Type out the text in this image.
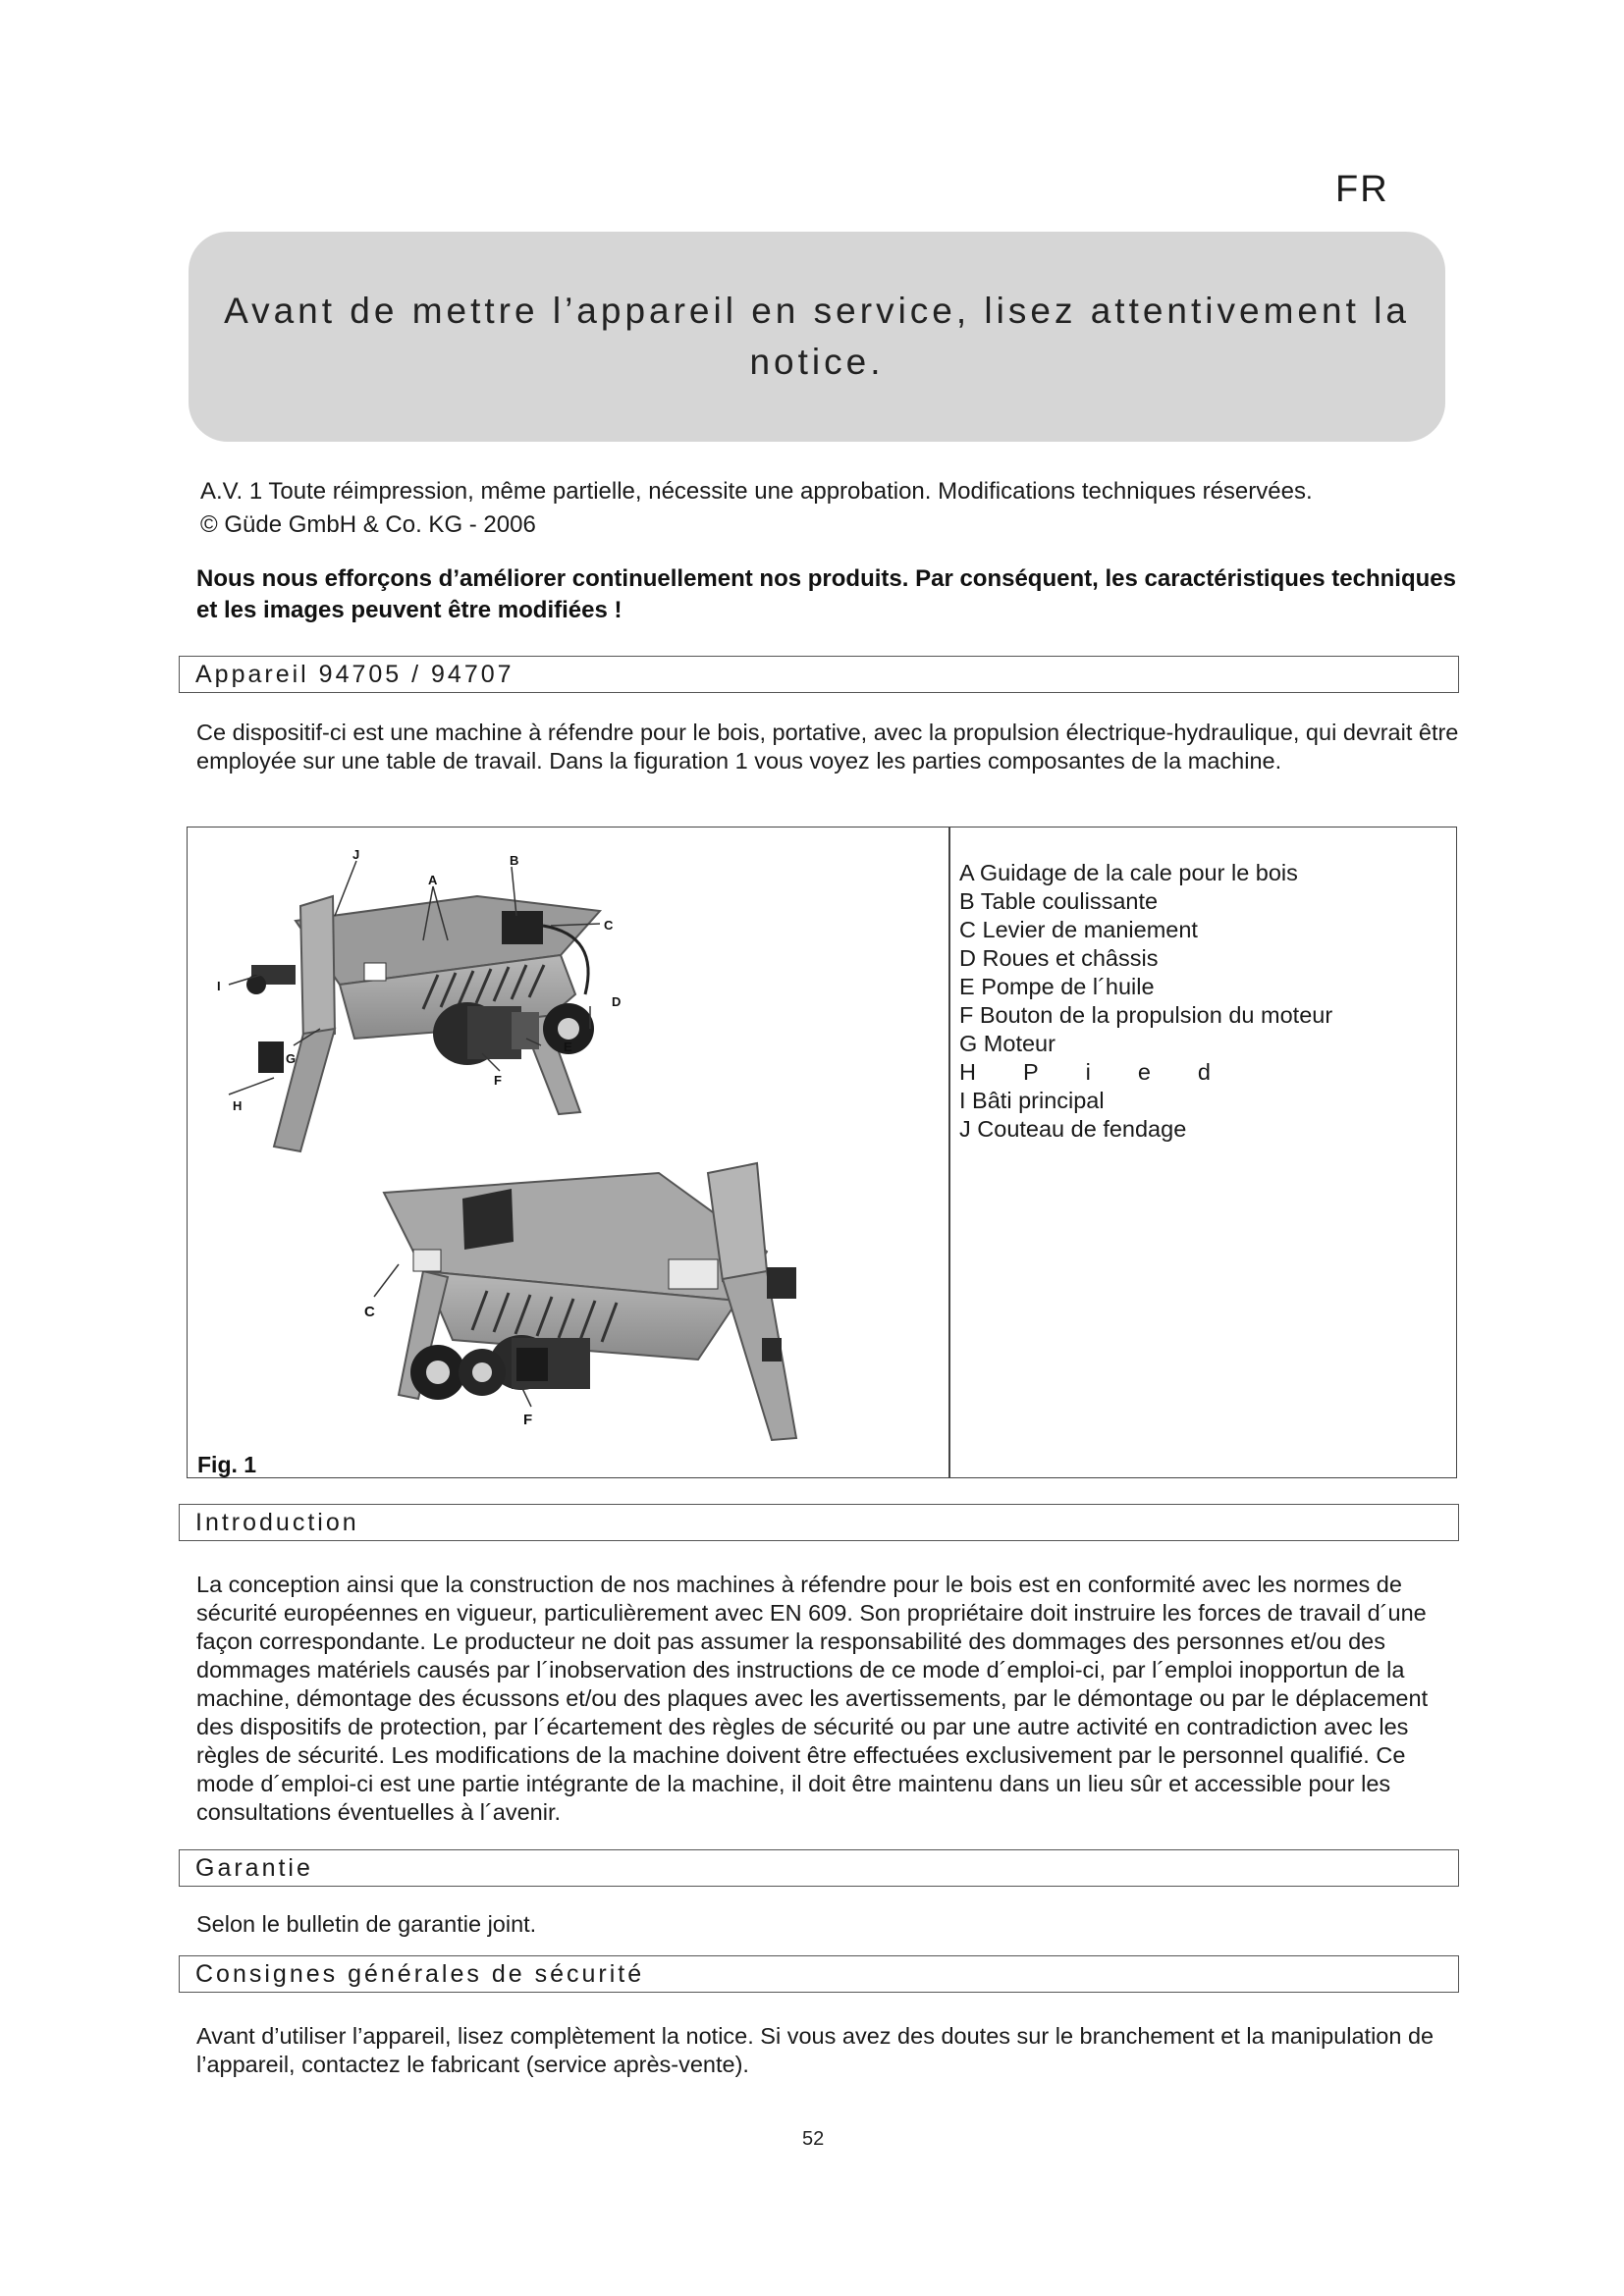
FR

Avant de mettre l’appareil en service, lisez attentivement la notice.

A.V. 1 Toute réimpression, même partielle, nécessite une approbation. Modifications techniques réservées.
© Güde GmbH & Co. KG - 2006
Nous nous efforçons d’améliorer continuellement nos produits. Par conséquent, les caractéristiques techniques et les images peuvent être modifiées !
Appareil 94705 / 94707
Ce dispositif-ci est une machine à réfendre pour le bois, portative, avec la propulsion électrique-hydraulique, qui devrait être employée sur une table de travail. Dans la figuration 1 vous voyez les parties composantes de la machine.
J	B
A
C
I
D
E
G
F
H
C
F
Fig. 1
A Guidage de la cale pour le bois
B Table coulissante
C Levier de maniement
D Roues et châssis
E Pompe de l´huile
F Bouton de la propulsion du moteur
G Moteur
HPied
I Bâti principal
J Couteau de fendage
Introduction
La conception ainsi que la construction de nos machines à réfendre pour le bois est en conformité avec les normes de sécurité européennes en vigueur, particulièrement avec EN 609. Son propriétaire doit instruire les forces de travail d´une façon correspondante. Le producteur ne doit pas assumer la responsabilité des dommages des personnes et/ou des dommages matériels causés par l´inobservation des instructions de ce mode d´emploi-ci, par l´emploi inopportun de la machine, démontage des écussons et/ou des plaques avec les avertissements, par le démontage ou par le déplacement des dispositifs de protection, par l´écartement des règles de sécurité ou par une autre activité en contradiction avec les règles de sécurité. Les modifications de la machine doivent être effectuées exclusivement par le personnel qualifié. Ce mode d´emploi-ci est une partie intégrante de la machine, il doit être maintenu dans un lieu sûr et accessible pour les consultations éventuelles à l´avenir.
Garantie
Selon le bulletin de garantie joint.
Consignes générales de sécurité
Avant d’utiliser l’appareil, lisez complètement la notice. Si vous avez des doutes sur le branchement et la manipulation de l’appareil, contactez le fabricant (service après-vente).
52
